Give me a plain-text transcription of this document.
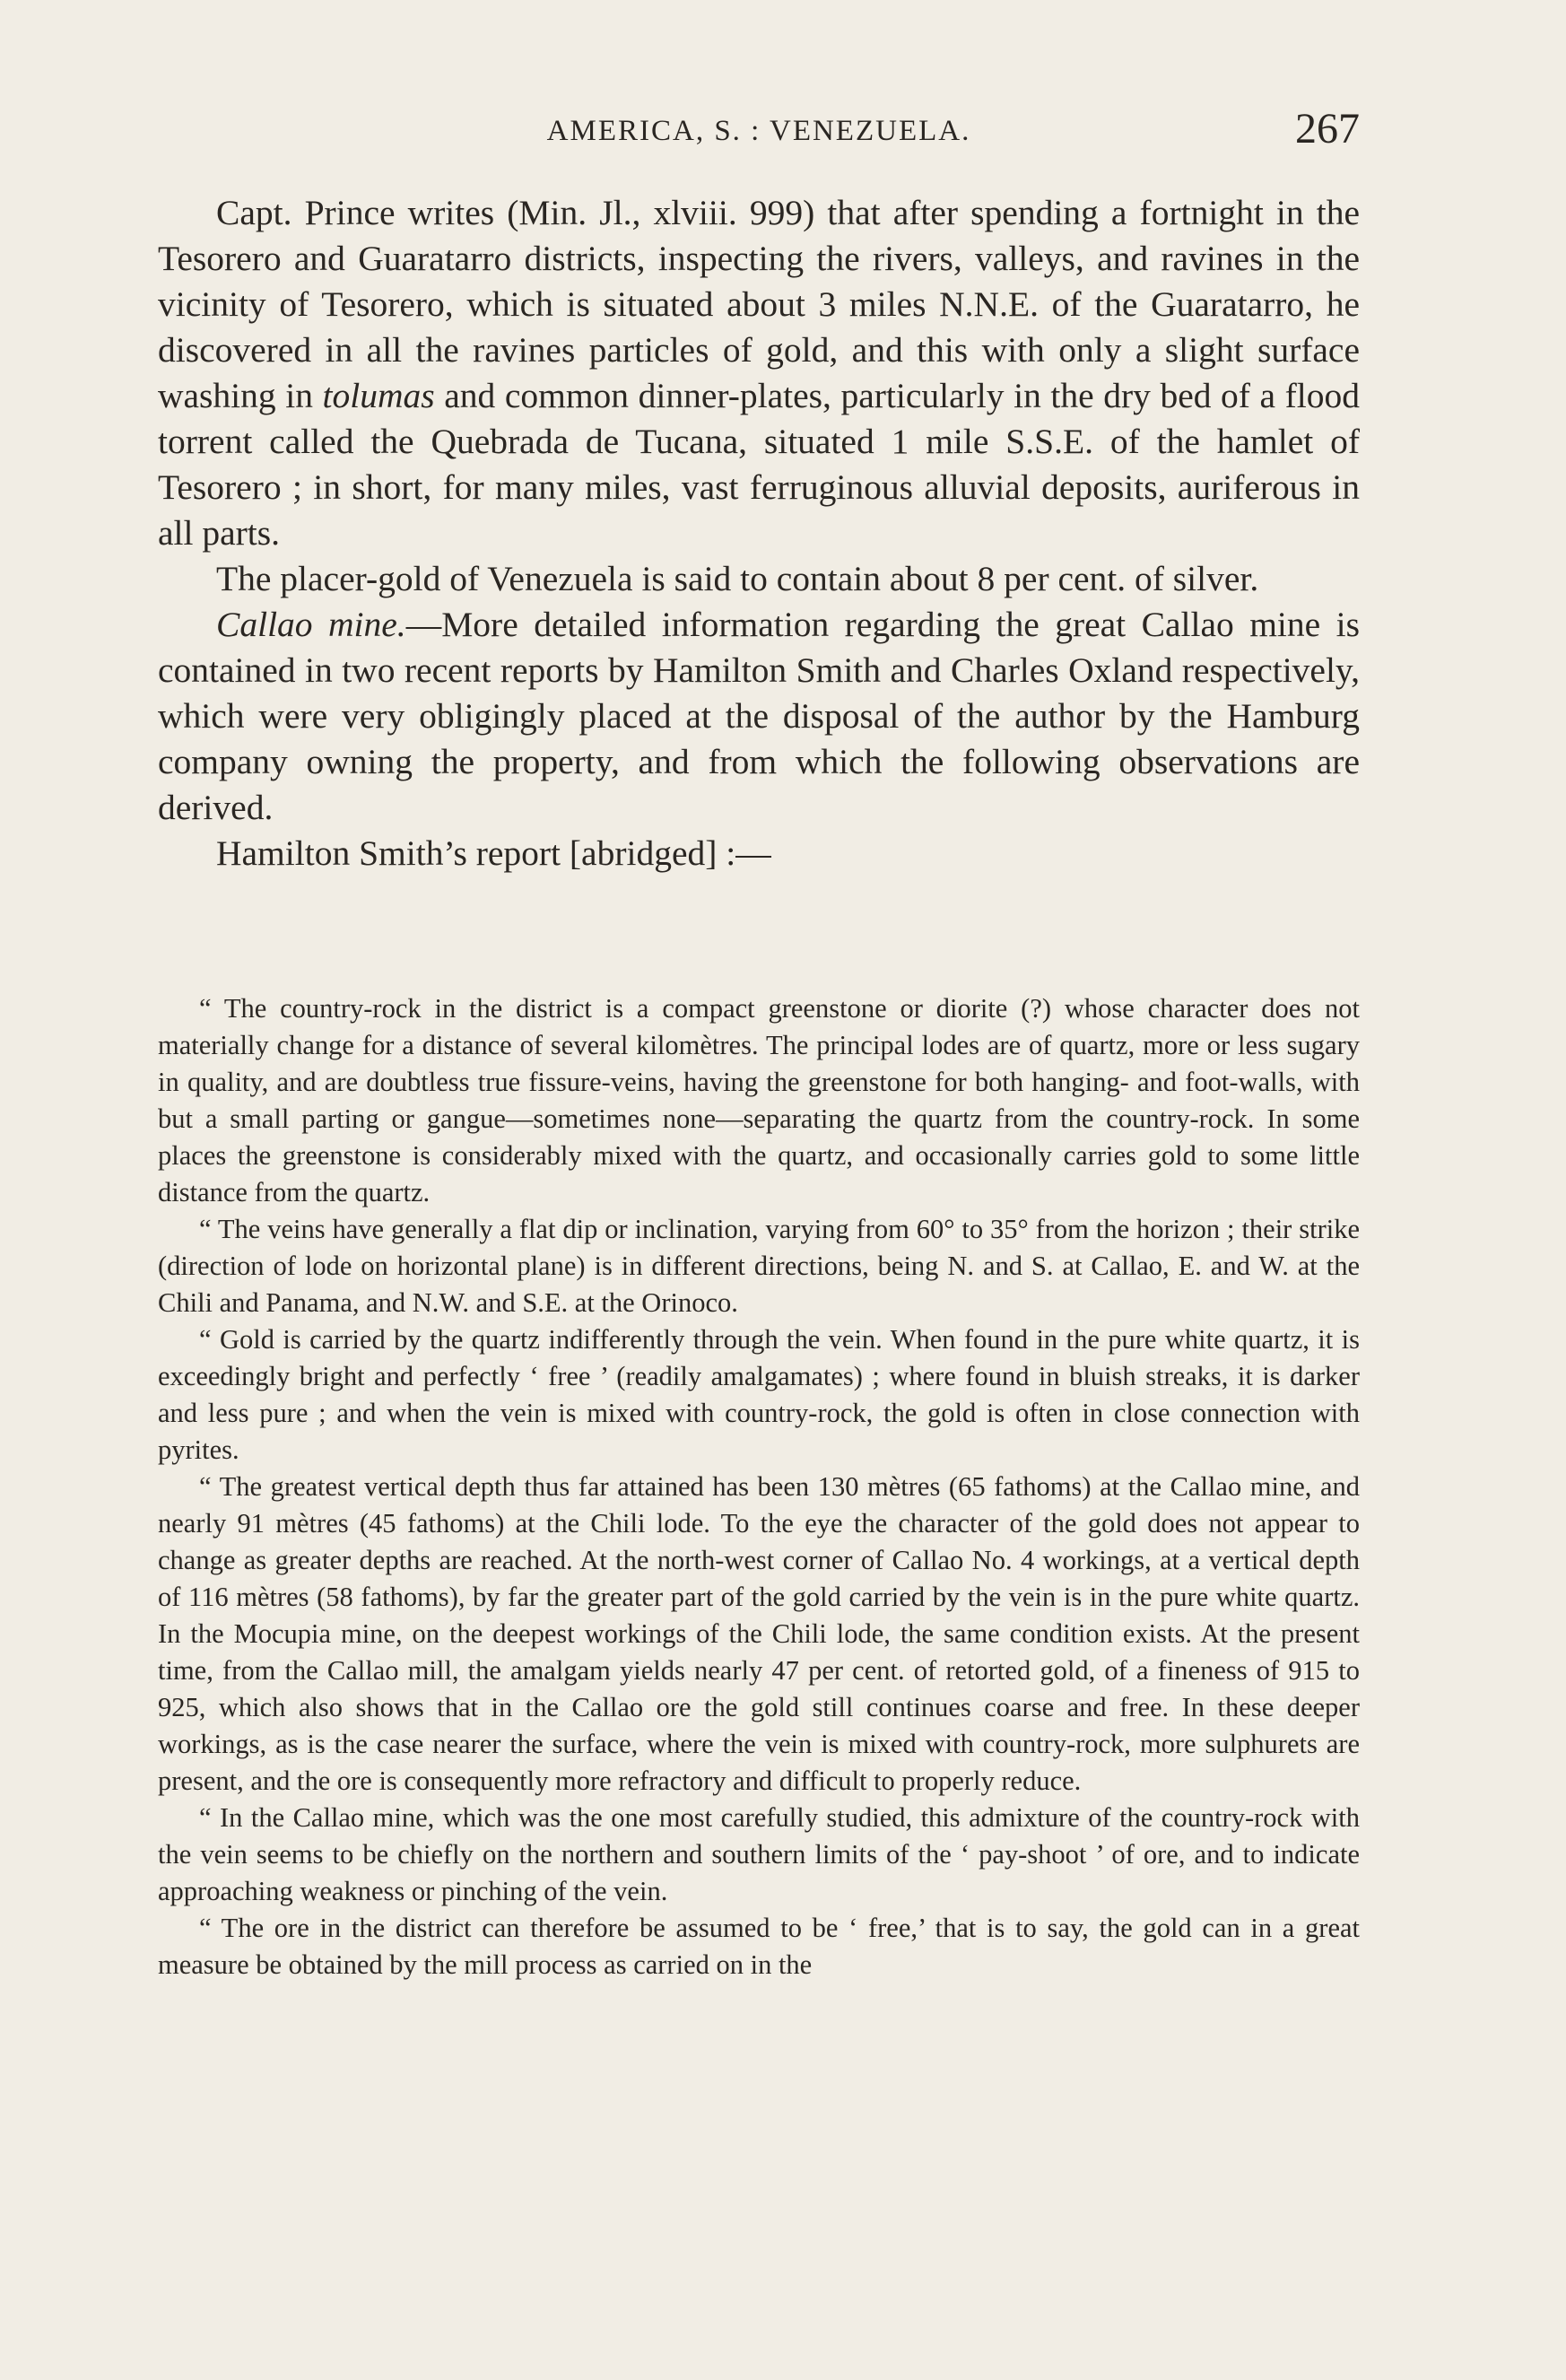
AMERICA, S. : VENEZUELA.	267

Capt. Prince writes (Min. Jl., xlviii. 999) that after spending a fortnight in the Tesorero and Guaratarro districts, inspecting the rivers, valleys, and ravines in the vicinity of Tesorero, which is situated about 3 miles N.N.E. of the Guaratarro, he discovered in all the ravines particles of gold, and this with only a slight surface washing in tolumas and common dinner-plates, particularly in the dry bed of a flood torrent called the Quebrada de Tucana, situated 1 mile S.S.E. of the hamlet of Tesorero ; in short, for many miles, vast ferruginous alluvial deposits, auriferous in all parts.

The placer-gold of Venezuela is said to contain about 8 per cent. of silver.

Callao mine.—More detailed information regarding the great Callao mine is contained in two recent reports by Hamilton Smith and Charles Oxland respectively, which were very obligingly placed at the disposal of the author by the Hamburg company owning the property, and from which the following observations are derived.

Hamilton Smith’s report [abridged] :—

“ The country-rock in the district is a compact greenstone or diorite (?) whose character does not materially change for a distance of several kilomètres. The principal lodes are of quartz, more or less sugary in quality, and are doubtless true fissure-veins, having the greenstone for both hanging- and foot-walls, with but a small parting or gangue—sometimes none—separating the quartz from the country-rock. In some places the greenstone is considerably mixed with the quartz, and occasionally carries gold to some little distance from the quartz.

“ The veins have generally a flat dip or inclination, varying from 60° to 35° from the horizon ; their strike (direction of lode on horizontal plane) is in different directions, being N. and S. at Callao, E. and W. at the Chili and Panama, and N.W. and S.E. at the Orinoco.

“ Gold is carried by the quartz indifferently through the vein. When found in the pure white quartz, it is exceedingly bright and perfectly ‘ free ’ (readily amalgamates) ; where found in bluish streaks, it is darker and less pure ; and when the vein is mixed with country-rock, the gold is often in close connection with pyrites.

“ The greatest vertical depth thus far attained has been 130 mètres (65 fathoms) at the Callao mine, and nearly 91 mètres (45 fathoms) at the Chili lode. To the eye the character of the gold does not appear to change as greater depths are reached. At the north-west corner of Callao No. 4 workings, at a vertical depth of 116 mètres (58 fathoms), by far the greater part of the gold carried by the vein is in the pure white quartz. In the Mocupia mine, on the deepest workings of the Chili lode, the same condition exists. At the present time, from the Callao mill, the amalgam yields nearly 47 per cent. of retorted gold, of a fineness of 915 to 925, which also shows that in the Callao ore the gold still continues coarse and free. In these deeper workings, as is the case nearer the surface, where the vein is mixed with country-rock, more sulphurets are present, and the ore is consequently more refractory and difficult to properly reduce.

“ In the Callao mine, which was the one most carefully studied, this admixture of the country-rock with the vein seems to be chiefly on the northern and southern limits of the ‘ pay-shoot ’ of ore, and to indicate approaching weakness or pinching of the vein.

“ The ore in the district can therefore be assumed to be ‘ free,’ that is to say, the gold can in a great measure be obtained by the mill process as carried on in the
